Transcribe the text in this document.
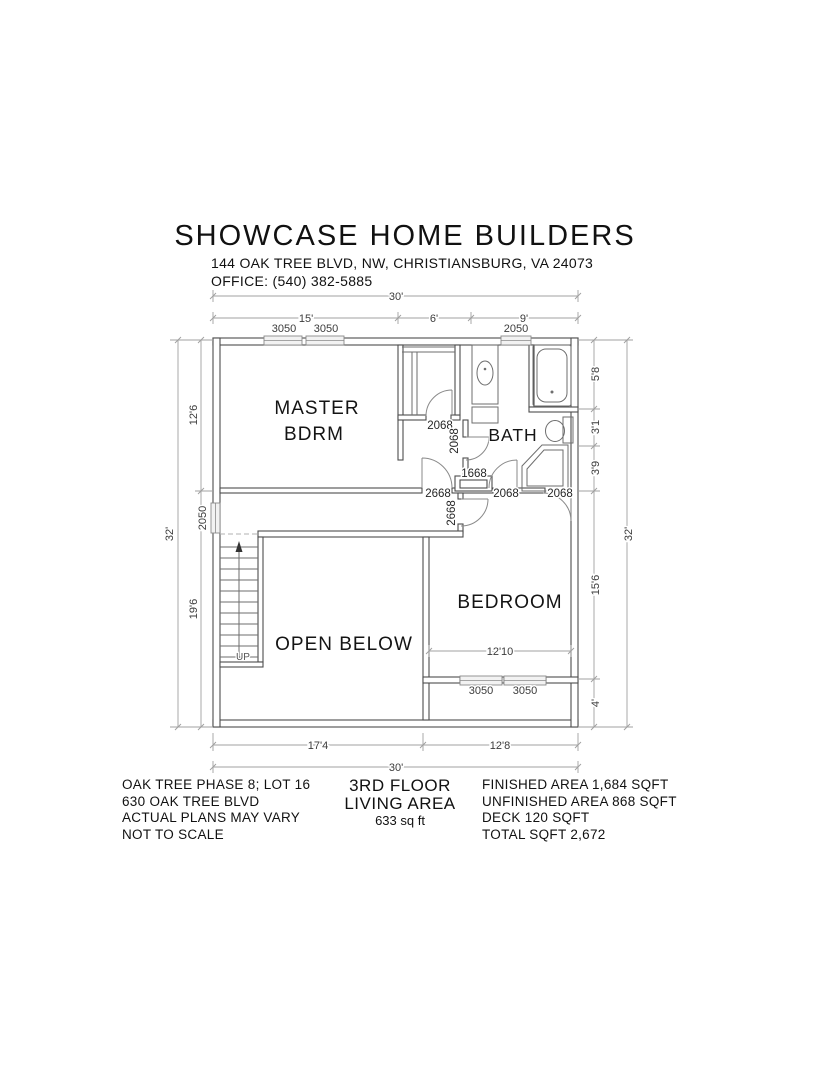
SHOWCASE HOME BUILDERS
144 OAK TREE BLVD, NW, CHRISTIANSBURG, VA 24073
OFFICE: (540) 382-5885
30'
15'	6'	9'
3050 3050	2050
32'
12'6
19'6
2050
5'8
3'1
3'9
15'6
4'
32'
17'4	12'8
30'
12'10
3050 3050
2068
2068
1668
2668	2068 2068
2668
MASTER
BDRM	BATH
BEDROOM
OPEN BELOW
UP
OAK TREE PHASE 8; LOT 16
630 OAK TREE BLVD
ACTUAL PLANS MAY VARY
NOT TO SCALE
3RD FLOOR
LIVING AREA
633 sq ft
FINISHED AREA 1,684 SQFT
UNFINISHED AREA 868 SQFT
DECK 120 SQFT
TOTAL SQFT 2,672
